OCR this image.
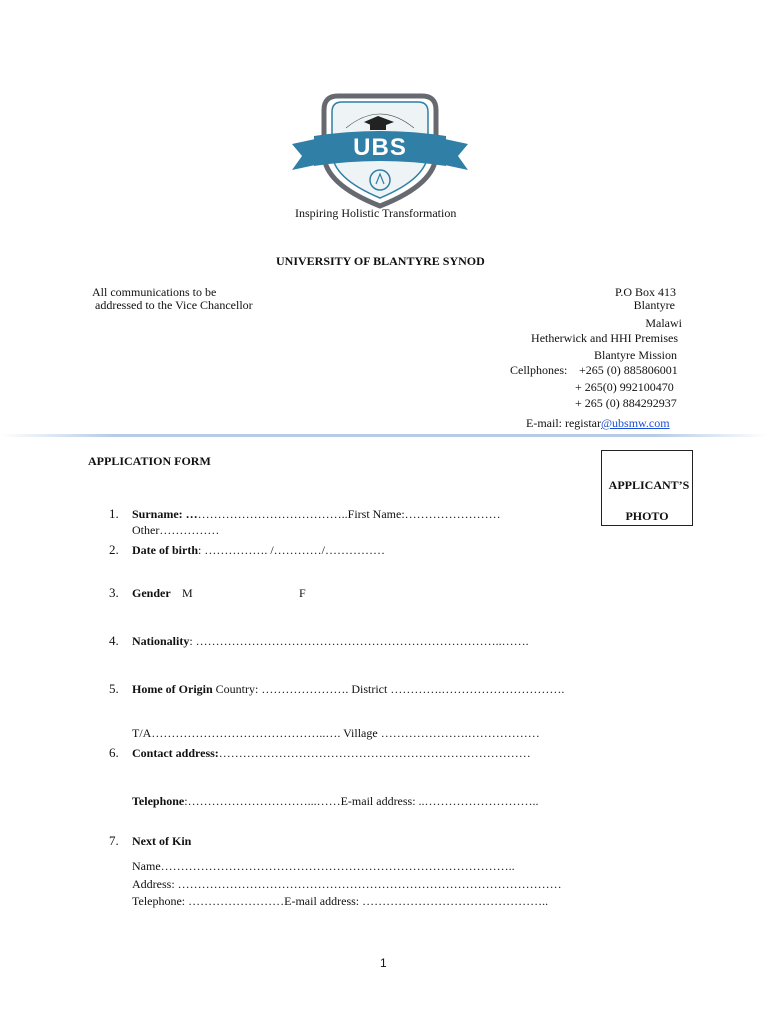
UBS
Inspiring Holistic Transformation
UNIVERSITY OF BLANTYRE SYNOD
All communications to be
addressed to the Vice Chancellor
P.O Box 413
Blantyre
Malawi
Hetherwick and HHI Premises
Blantyre Mission
Cellphones: +265 (0) 885806001
+ 265(0) 992100470
+ 265 (0) 884292937
E-mail: registar@ubsmw.com
APPLICATION FORM
APPLICANT’S
PHOTO
1. Surname: …………………………………..First Name:……………………
Other……………
2. Date of birth: ……………. /…………/……………
3. Gender M	F
4. Nationality: …………………………………………………………………..…….
5. Home of Origin Country: …………………. District ………….………………………….
T/A……………………………………..…. Village ………………….………………
6. Contact address:……………………………………………………………………
Telephone:…………………………...……E-mail address: ..………………………..
7. Next of Kin
Name……………………………………………………………………………..
Address: ……………………………………………………………………………………
Telephone: ……………………E-mail address: ………………………………………..
1
